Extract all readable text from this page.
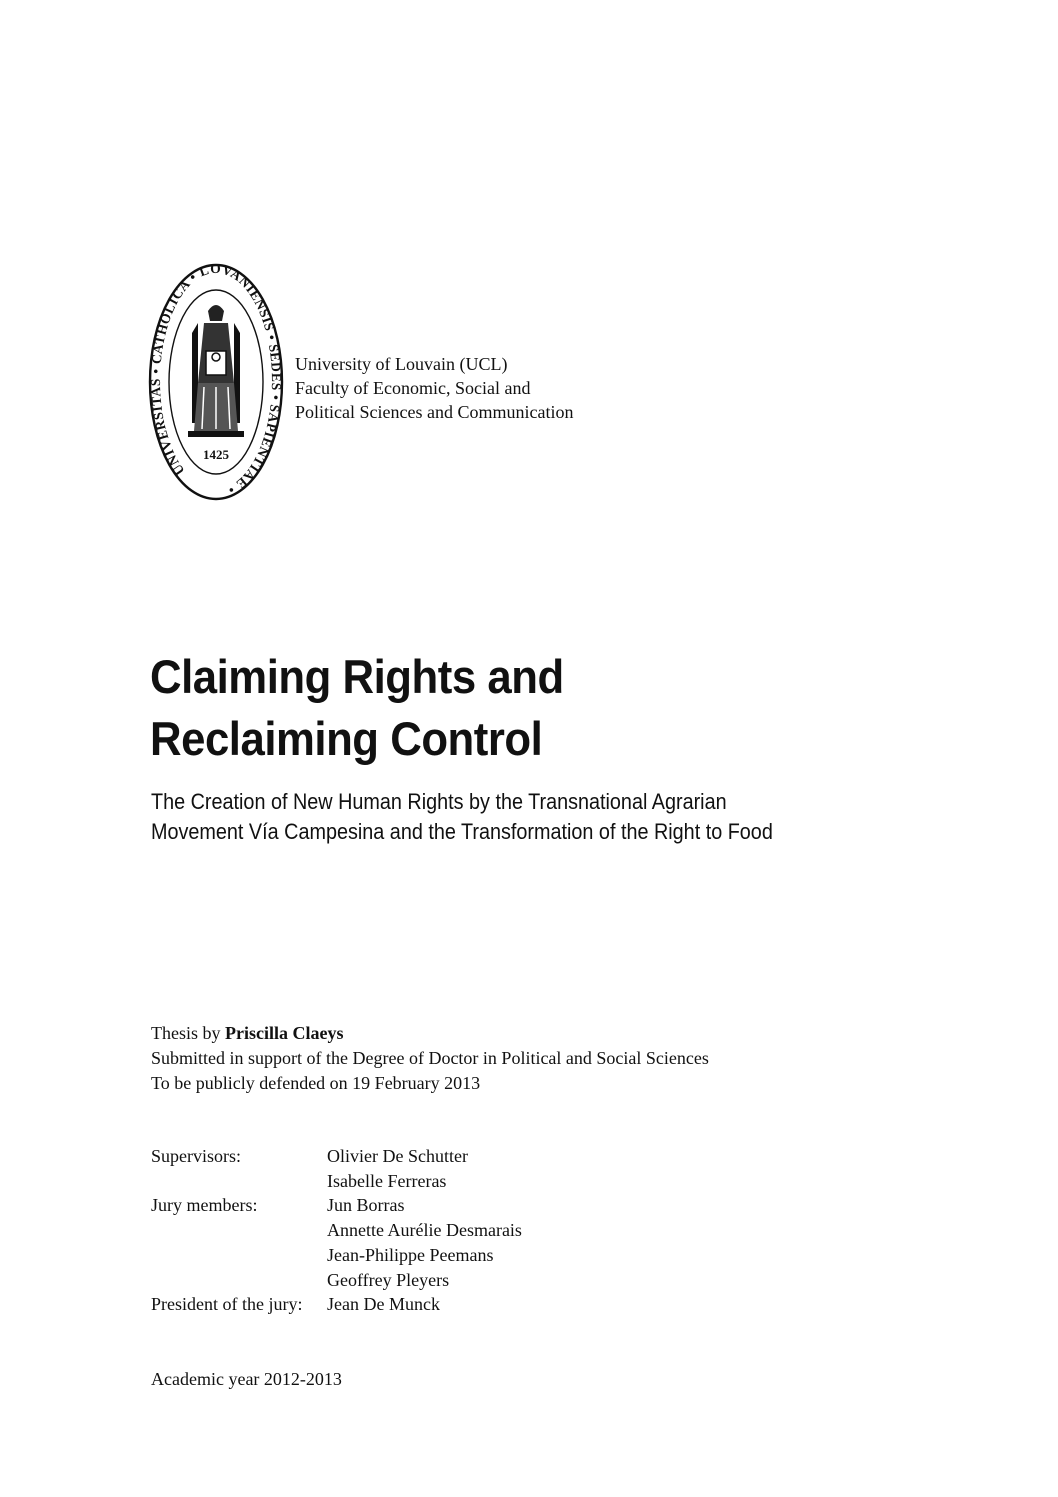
UNIVERSITAS • CATHOLICA • LOVANIENSIS • SEDES • SAPIENTIAE •
1425
University of Louvain (UCL)
Faculty of Economic, Social and
Political Sciences and Communication
Claiming Rights and
Reclaiming Control
The Creation of New Human Rights by the Transnational Agrarian
Movement Vía Campesina and the Transformation of the Right to Food
Thesis by Priscilla Claeys
Submitted in support of the Degree of Doctor in Political and Social Sciences
To be publicly defended on 19 February 2013
Supervisors:	Olivier De Schutter
Isabelle Ferreras
Jury members:	Jun Borras
Annette Aurélie Desmarais
Jean-Philippe Peemans
Geoffrey Pleyers
President of the jury:	Jean De Munck
Academic year 2012-2013
